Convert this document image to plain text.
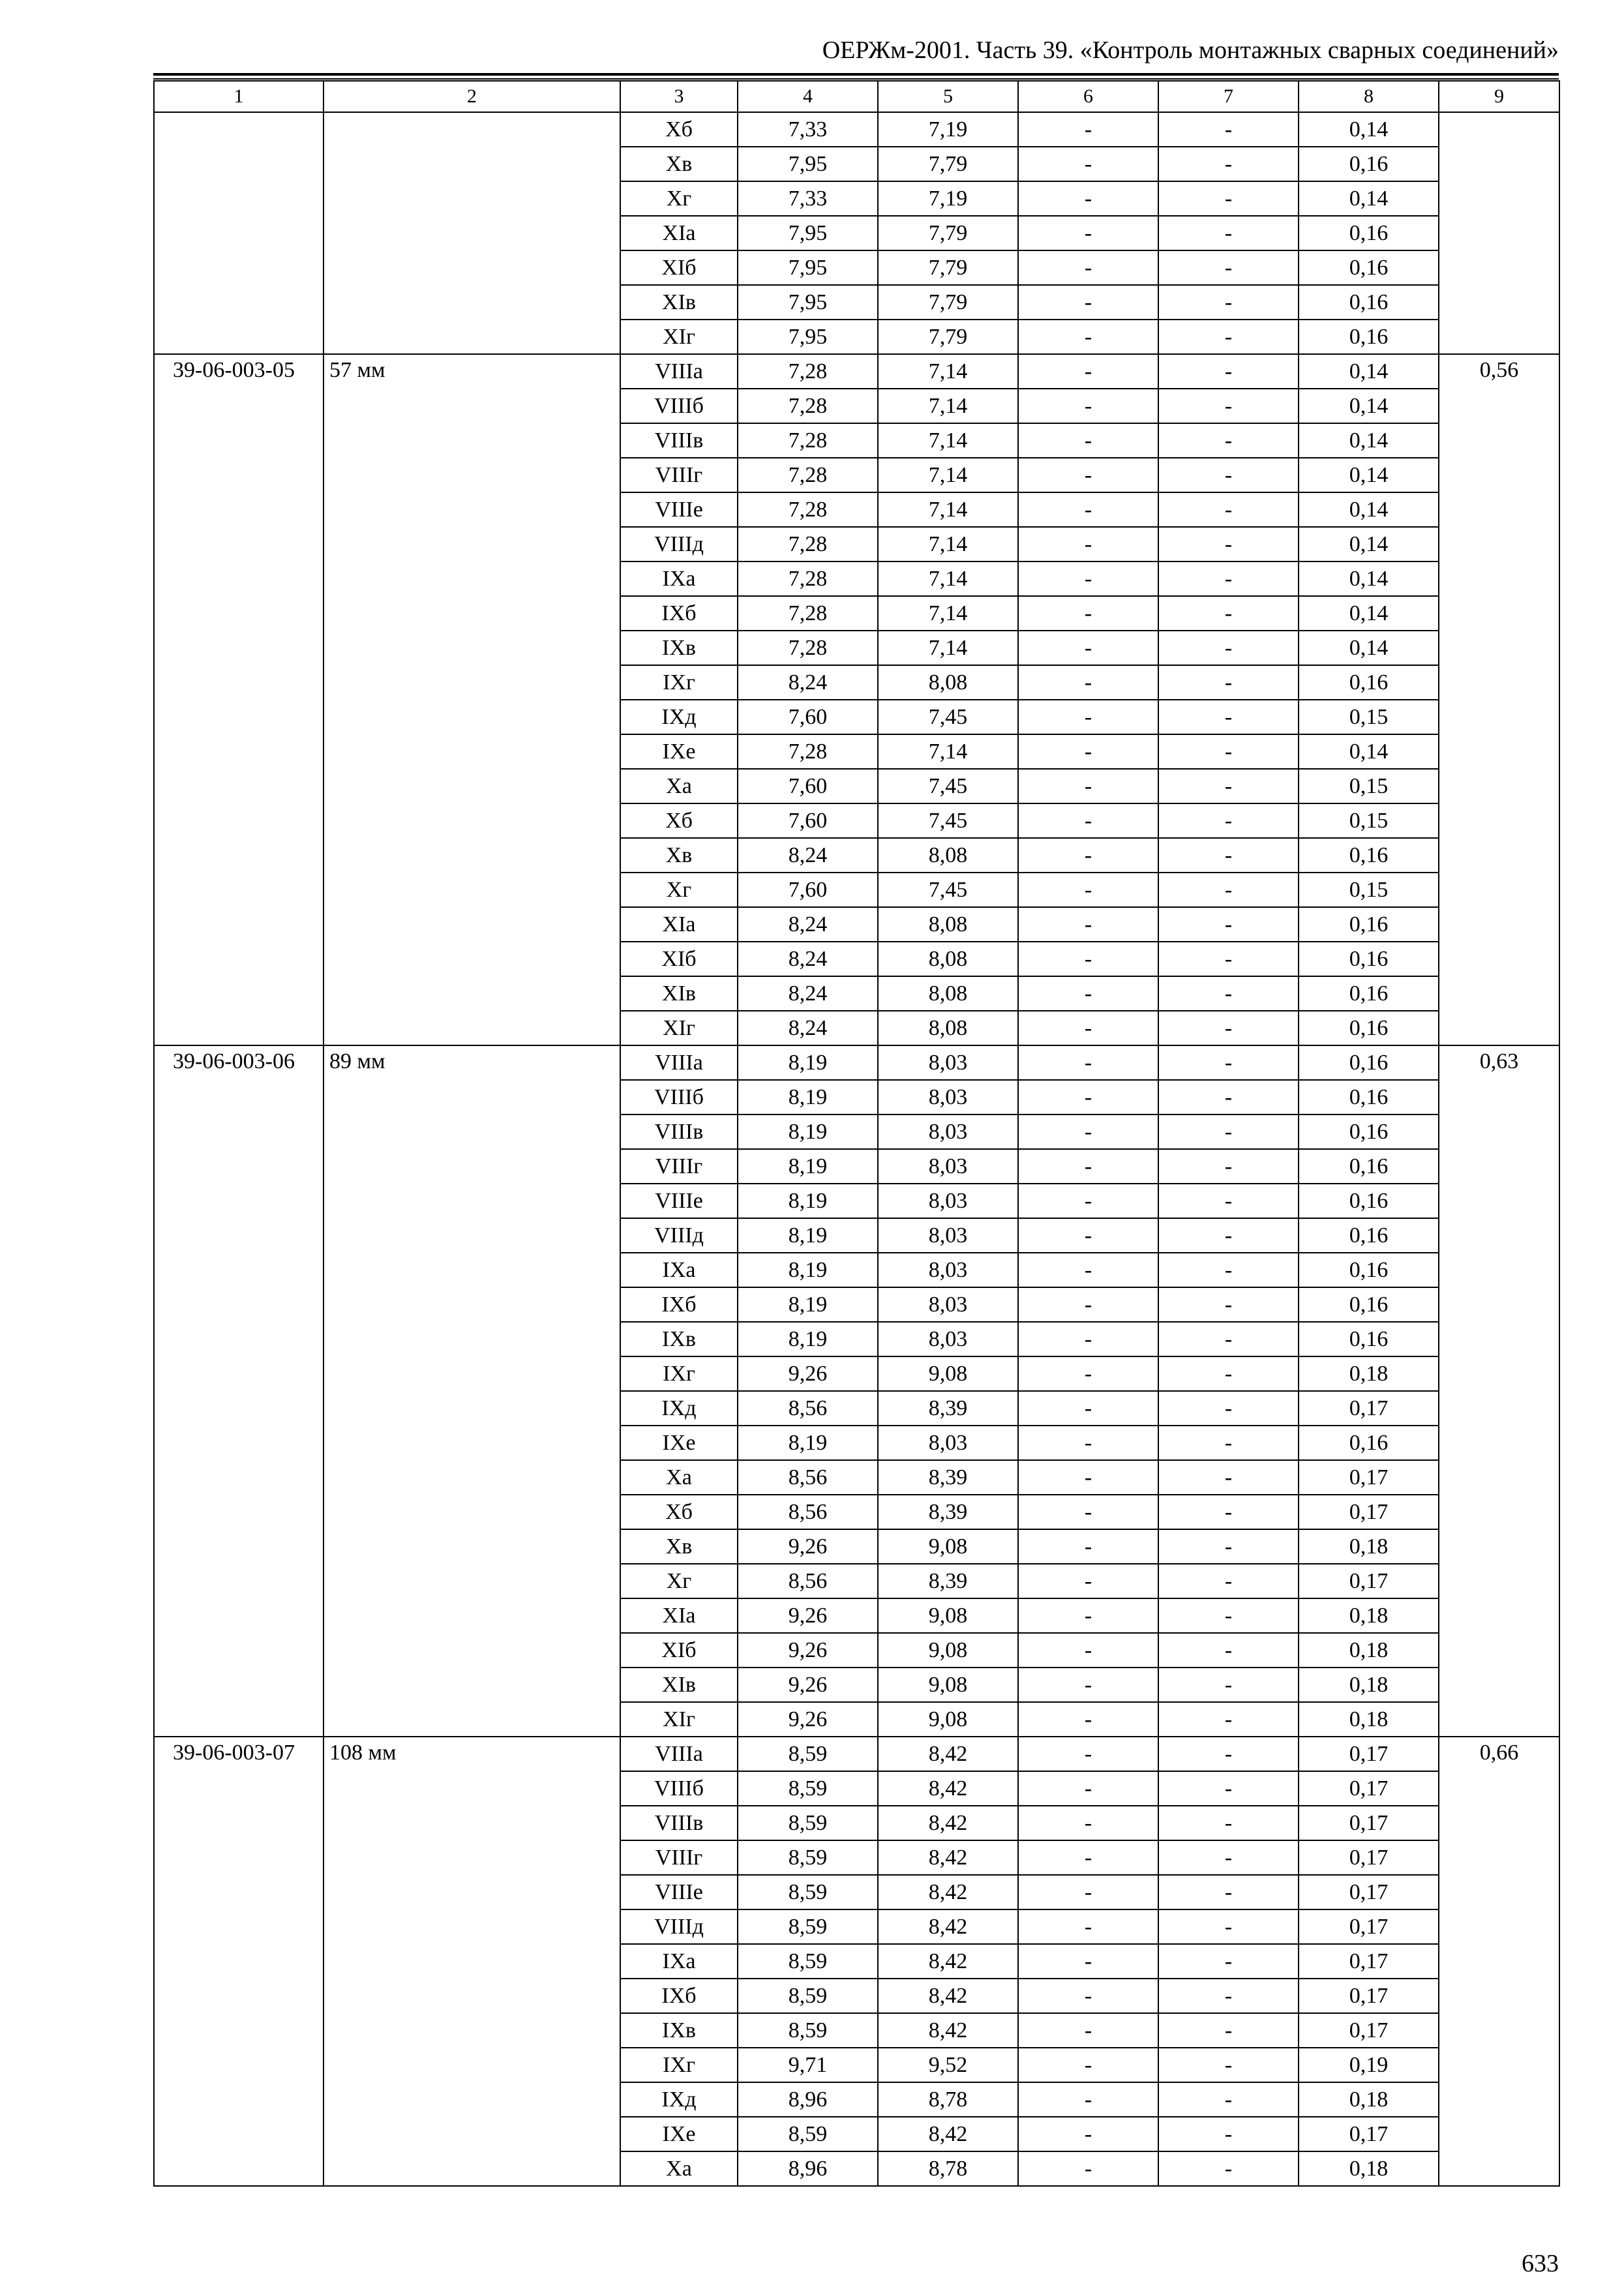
ОЕРЖм-2001. Часть 39. «Контроль монтажных сварных соединений»
1	2	3	4	5	6	7	8	9
		Xб	7,33	7,19	-	-	0,14	
		Xв	7,95	7,79	-	-	0,16	
		Xг	7,33	7,19	-	-	0,14	
		XIа	7,95	7,79	-	-	0,16	
		XIб	7,95	7,79	-	-	0,16	
		XIв	7,95	7,79	-	-	0,16	
		XIг	7,95	7,79	-	-	0,16	
39-06-003-05	57 мм	VIIIа	7,28	7,14	-	-	0,14	0,56
		VIIIб	7,28	7,14	-	-	0,14	
		VIIIв	7,28	7,14	-	-	0,14	
		VIIIг	7,28	7,14	-	-	0,14	
		VIIIе	7,28	7,14	-	-	0,14	
		VIIIд	7,28	7,14	-	-	0,14	
		IXа	7,28	7,14	-	-	0,14	
		IXб	7,28	7,14	-	-	0,14	
		IXв	7,28	7,14	-	-	0,14	
		IXг	8,24	8,08	-	-	0,16	
		IXд	7,60	7,45	-	-	0,15	
		IXе	7,28	7,14	-	-	0,14	
		Xа	7,60	7,45	-	-	0,15	
		Xб	7,60	7,45	-	-	0,15	
		Xв	8,24	8,08	-	-	0,16	
		Xг	7,60	7,45	-	-	0,15	
		XIа	8,24	8,08	-	-	0,16	
		XIб	8,24	8,08	-	-	0,16	
		XIв	8,24	8,08	-	-	0,16	
		XIг	8,24	8,08	-	-	0,16	
39-06-003-06	89 мм	VIIIа	8,19	8,03	-	-	0,16	0,63
		VIIIб	8,19	8,03	-	-	0,16	
		VIIIв	8,19	8,03	-	-	0,16	
		VIIIг	8,19	8,03	-	-	0,16	
		VIIIе	8,19	8,03	-	-	0,16	
		VIIIд	8,19	8,03	-	-	0,16	
		IXа	8,19	8,03	-	-	0,16	
		IXб	8,19	8,03	-	-	0,16	
		IXв	8,19	8,03	-	-	0,16	
		IXг	9,26	9,08	-	-	0,18	
		IXд	8,56	8,39	-	-	0,17	
		IXе	8,19	8,03	-	-	0,16	
		Xа	8,56	8,39	-	-	0,17	
		Xб	8,56	8,39	-	-	0,17	
		Xв	9,26	9,08	-	-	0,18	
		Xг	8,56	8,39	-	-	0,17	
		XIа	9,26	9,08	-	-	0,18	
		XIб	9,26	9,08	-	-	0,18	
		XIв	9,26	9,08	-	-	0,18	
		XIг	9,26	9,08	-	-	0,18	
39-06-003-07	108 мм	VIIIа	8,59	8,42	-	-	0,17	0,66
		VIIIб	8,59	8,42	-	-	0,17	
		VIIIв	8,59	8,42	-	-	0,17	
		VIIIг	8,59	8,42	-	-	0,17	
		VIIIе	8,59	8,42	-	-	0,17	
		VIIIд	8,59	8,42	-	-	0,17	
		IXа	8,59	8,42	-	-	0,17	
		IXб	8,59	8,42	-	-	0,17	
		IXв	8,59	8,42	-	-	0,17	
		IXг	9,71	9,52	-	-	0,19	
		IXд	8,96	8,78	-	-	0,18	
		IXе	8,59	8,42	-	-	0,17	
		Xа	8,96	8,78	-	-	0,18	
633
